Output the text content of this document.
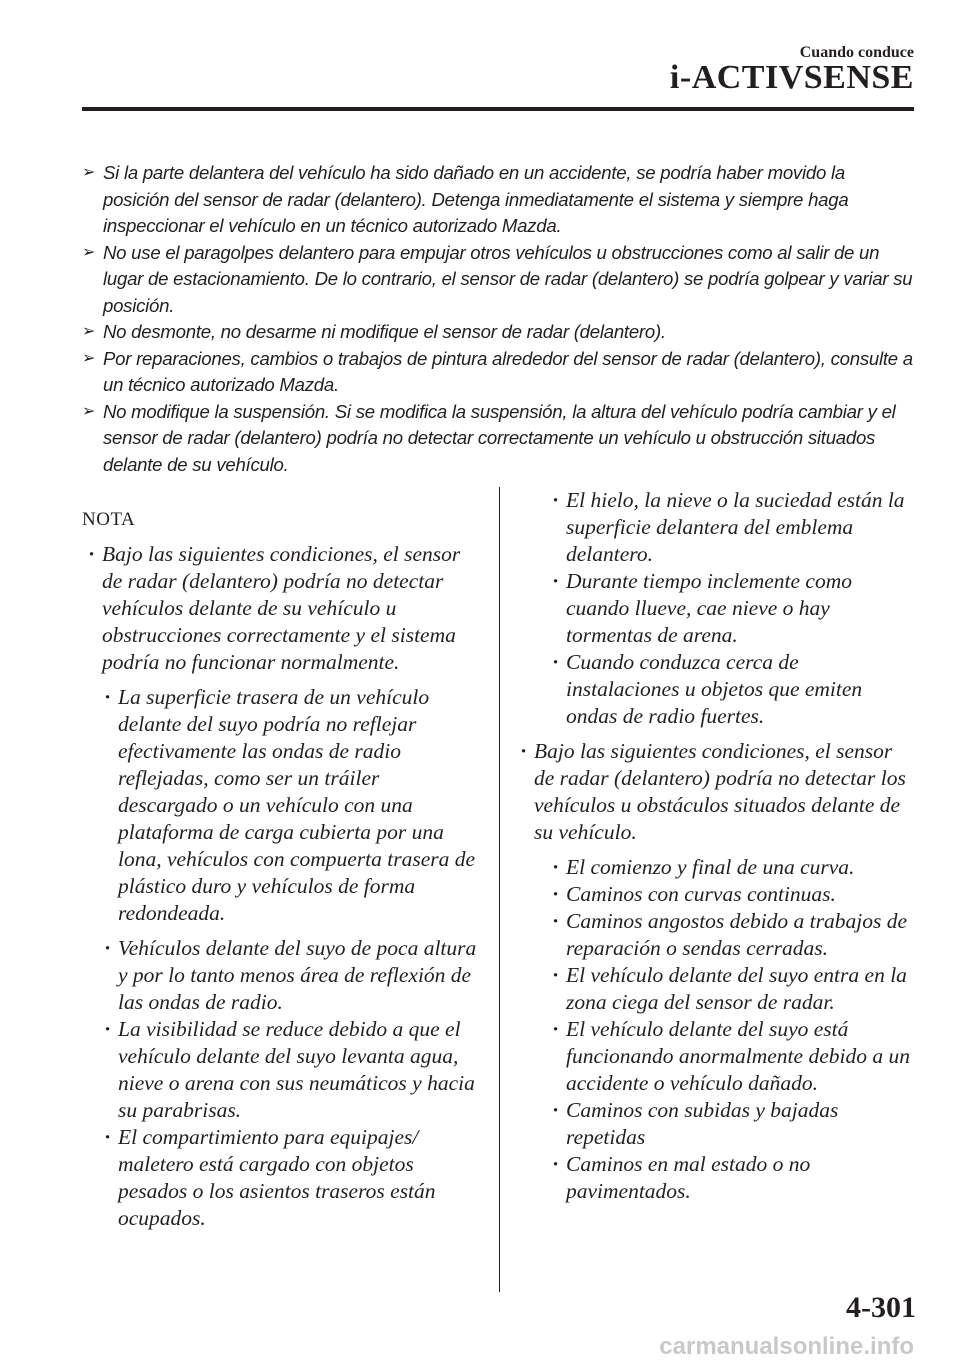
Cuando conduce
i-ACTIVSENSE
➢ Si la parte delantera del vehículo ha sido dañado en un accidente, se podría haber movido la posición del sensor de radar (delantero). Detenga inmediatamente el sistema y siempre haga inspeccionar el vehículo en un técnico autorizado Mazda.
➢ No use el paragolpes delantero para empujar otros vehículos u obstrucciones como al salir de un lugar de estacionamiento. De lo contrario, el sensor de radar (delantero) se podría golpear y variar su posición.
➢ No desmonte, no desarme ni modifique el sensor de radar (delantero).
➢ Por reparaciones, cambios o trabajos de pintura alrededor del sensor de radar (delantero), consulte a un técnico autorizado Mazda.
➢ No modifique la suspensión. Si se modifica la suspensión, la altura del vehículo podría cambiar y el sensor de radar (delantero) podría no detectar correctamente un vehículo u obstrucción situados delante de su vehículo.
NOTA
· Bajo las siguientes condiciones, el sensor de radar (delantero) podría no detectar vehículos delante de su vehículo u obstrucciones correctamente y el sistema podría no funcionar normalmente.
· La superficie trasera de un vehículo delante del suyo podría no reflejar efectivamente las ondas de radio reflejadas, como ser un tráiler descargado o un vehículo con una plataforma de carga cubierta por una lona, vehículos con compuerta trasera de plástico duro y vehículos de forma redondeada.
· Vehículos delante del suyo de poca altura y por lo tanto menos área de reflexión de las ondas de radio.
· La visibilidad se reduce debido a que el vehículo delante del suyo levanta agua, nieve o arena con sus neumáticos y hacia su parabrisas.
· El compartimiento para equipajes/ maletero está cargado con objetos pesados o los asientos traseros están ocupados.
· El hielo, la nieve o la suciedad están la superficie delantera del emblema delantero.
· Durante tiempo inclemente como cuando llueve, cae nieve o hay tormentas de arena.
· Cuando conduzca cerca de instalaciones u objetos que emiten ondas de radio fuertes.
· Bajo las siguientes condiciones, el sensor de radar (delantero) podría no detectar los vehículos u obstáculos situados delante de su vehículo.
· El comienzo y final de una curva.
· Caminos con curvas continuas.
· Caminos angostos debido a trabajos de reparación o sendas cerradas.
· El vehículo delante del suyo entra en la zona ciega del sensor de radar.
· El vehículo delante del suyo está funcionando anormalmente debido a un accidente o vehículo dañado.
· Caminos con subidas y bajadas repetidas
· Caminos en mal estado o no pavimentados.
4-301
carmanualsonline.info
